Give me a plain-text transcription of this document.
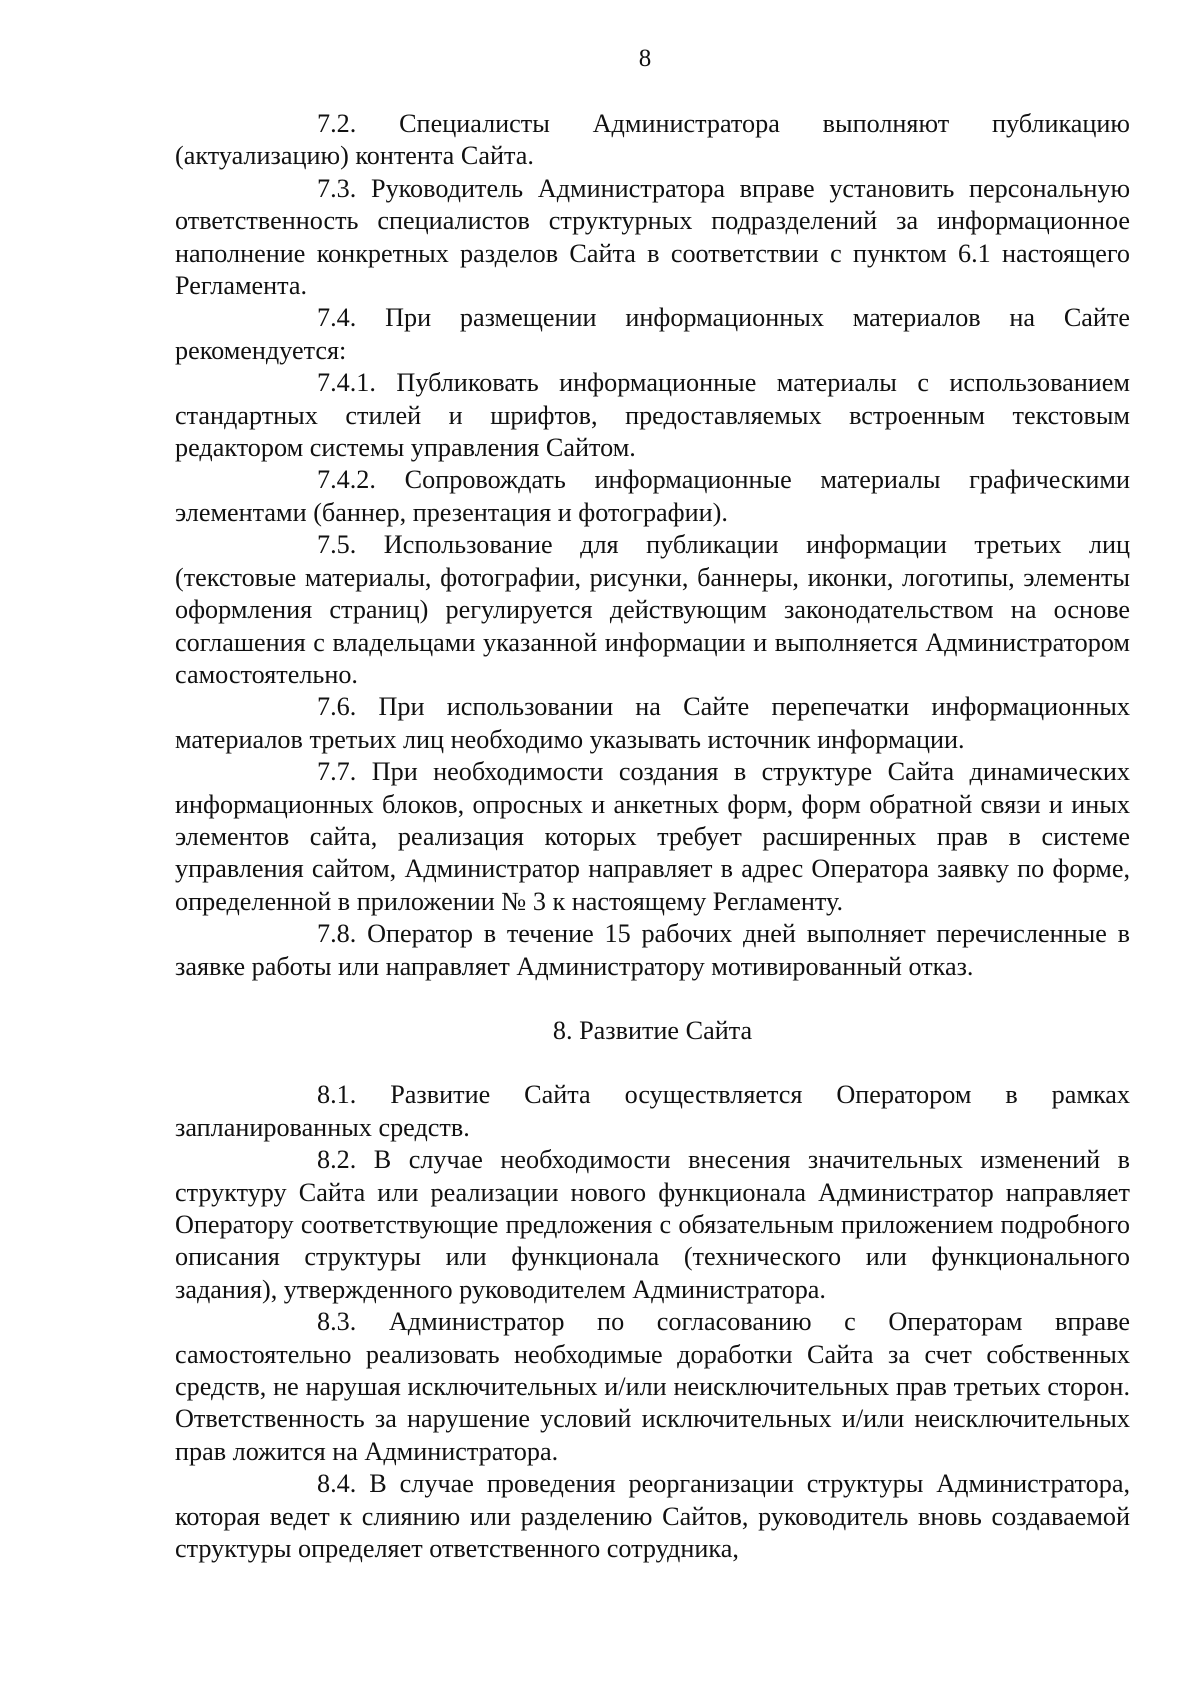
8

7.2. Специалисты Администратора выполняют публикацию (актуализацию) контента Сайта.

7.3. Руководитель Администратора вправе установить персональную ответственность специалистов структурных подразделений за информационное наполнение конкретных разделов Сайта в соответствии с пунктом 6.1 настоящего Регламента.

7.4. При размещении информационных материалов на Сайте рекомендуется:

7.4.1. Публиковать информационные материалы с использованием стандартных стилей и шрифтов, предоставляемых встроенным текстовым редактором системы управления Сайтом.

7.4.2. Сопровождать информационные материалы графическими элементами (баннер, презентация и фотографии).

7.5. Использование для публикации информации третьих лиц (текстовые материалы, фотографии, рисунки, баннеры, иконки, логотипы, элементы оформления страниц) регулируется действующим законодательством на основе соглашения с владельцами указанной информации и выполняется Администратором самостоятельно.

7.6. При использовании на Сайте перепечатки информационных материалов третьих лиц необходимо указывать источник информации.

7.7. При необходимости создания в структуре Сайта динамических информационных блоков, опросных и анкетных форм, форм обратной связи и иных элементов сайта, реализация которых требует расширенных прав в системе управления сайтом, Администратор направляет в адрес Оператора заявку по форме, определенной в приложении № 3 к настоящему Регламенту.

7.8. Оператор в течение 15 рабочих дней выполняет перечисленные в заявке работы или направляет Администратору мотивированный отказ.

8. Развитие Сайта

8.1. Развитие Сайта осуществляется Оператором в рамках запланированных средств.

8.2. В случае необходимости внесения значительных изменений в структуру Сайта или реализации нового функционала Администратор направляет Оператору соответствующие предложения с обязательным приложением подробного описания структуры или функционала (технического или функционального задания), утвержденного руководителем Администратора.

8.3. Администратор по согласованию с Операторам вправе самостоятельно реализовать необходимые доработки Сайта за счет собственных средств, не нарушая исключительных и/или неисключительных прав третьих сторон. Ответственность за нарушение условий исключительных и/или неисключительных прав ложится на Администратора.

8.4. В случае проведения реорганизации структуры Администратора, которая ведет к слиянию или разделению Сайтов, руководитель вновь создаваемой структуры определяет ответственного сотрудника,
